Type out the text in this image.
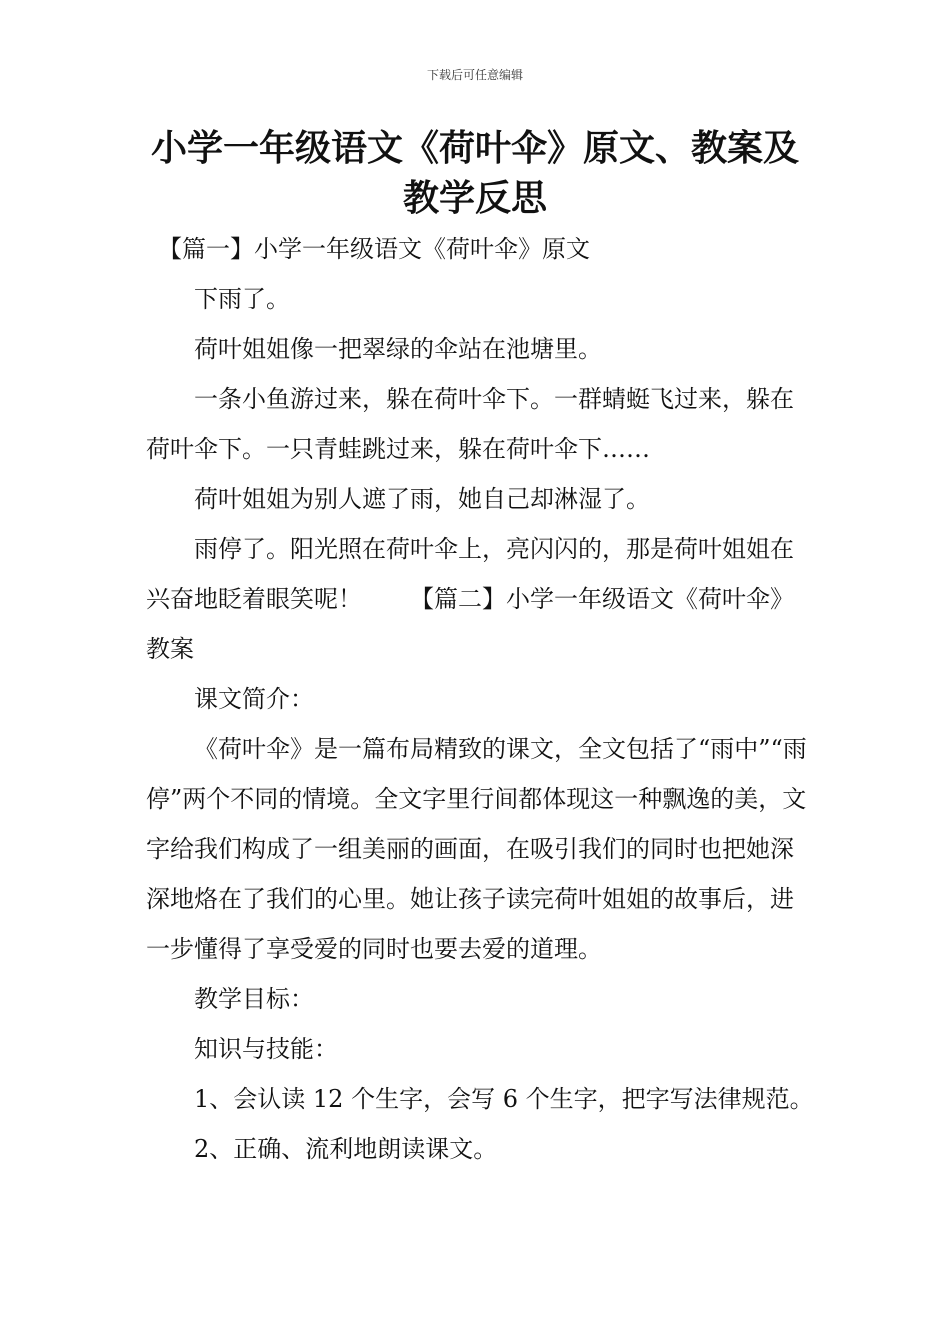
下载后可任意编辑
小学一年级语文《荷叶伞》原文、教案及
教学反思

【篇一】小学一年级语文《荷叶伞》原文

下雨了。

荷叶姐姐像一把翠绿的伞站在池塘里。

一条小鱼游过来，躲在荷叶伞下。一群蜻蜓飞过来，躲在荷叶伞下。一只青蛙跳过来，躲在荷叶伞下……

荷叶姐姐为别人遮了雨，她自己却淋湿了。

雨停了。阳光照在荷叶伞上，亮闪闪的，那是荷叶姐姐在兴奋地眨着眼笑呢！ 【篇二】小学一年级语文《荷叶伞》教案

课文简介：

《荷叶伞》是一篇布局精致的课文，全文包括了“雨中”“雨停”两个不同的情境。全文字里行间都体现这一种飘逸的美，文字给我们构成了一组美丽的画面，在吸引我们的同时也把她深深地烙在了我们的心里。她让孩子读完荷叶姐姐的故事后，进一步懂得了享受爱的同时也要去爱的道理。

教学目标：

知识与技能：

1、会认读 12 个生字，会写 6 个生字，把字写法律规范。

2、正确、流利地朗读课文。
